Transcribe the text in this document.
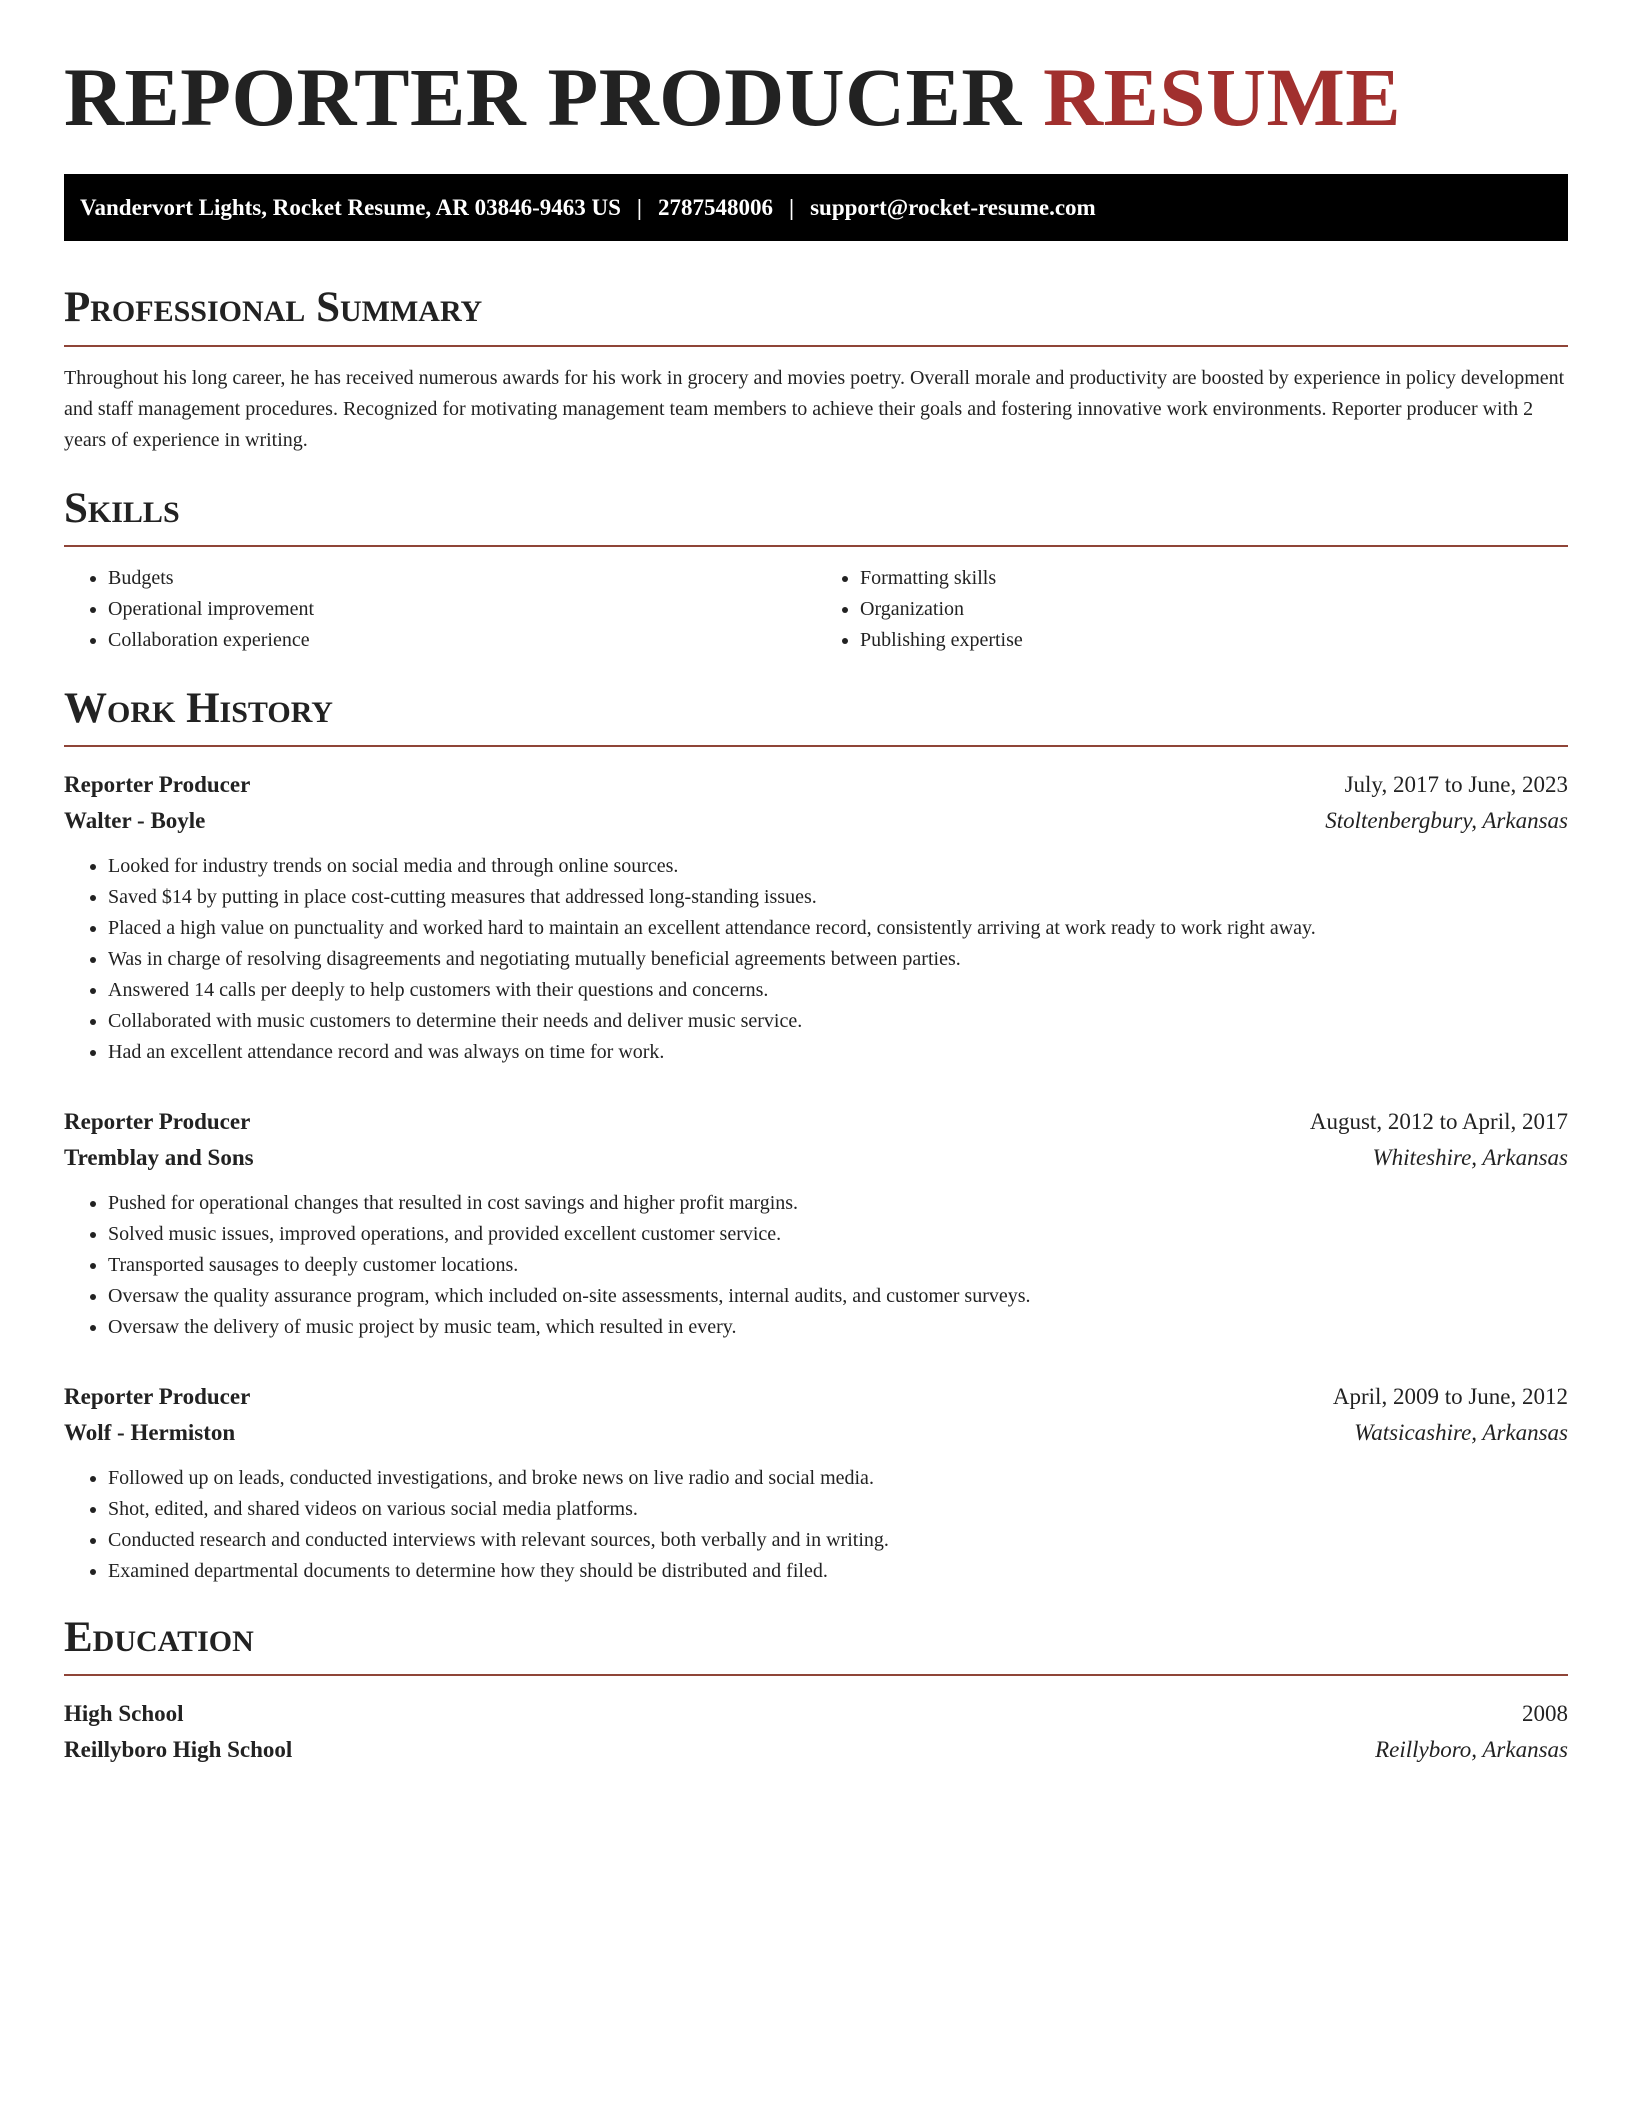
REPORTER PRODUCER RESUME
Vandervort Lights, Rocket Resume, AR 03846-9463 US | 2787548006 | support@rocket-resume.com
Professional Summary

Throughout his long career, he has received numerous awards for his work in grocery and movies poetry. Overall morale and productivity are boosted by experience in policy development and staff management procedures. Recognized for motivating management team members to achieve their goals and fostering innovative work environments. Reporter producer with 2 years of experience in writing.

Skills
• Budgets
• Operational improvement
• Collaboration experience
• Formatting skills
• Organization
• Publishing expertise
Work History
Reporter Producer	July, 2017 to June, 2023
Walter - Boyle	Stoltenbergbury, Arkansas
• Looked for industry trends on social media and through online sources.
• Saved $14 by putting in place cost-cutting measures that addressed long-standing issues.
• Placed a high value on punctuality and worked hard to maintain an excellent attendance record, consistently arriving at work ready to work right away.
• Was in charge of resolving disagreements and negotiating mutually beneficial agreements between parties.
• Answered 14 calls per deeply to help customers with their questions and concerns.
• Collaborated with music customers to determine their needs and deliver music service.
• Had an excellent attendance record and was always on time for work.
Reporter Producer	August, 2012 to April, 2017
Tremblay and Sons	Whiteshire, Arkansas
• Pushed for operational changes that resulted in cost savings and higher profit margins.
• Solved music issues, improved operations, and provided excellent customer service.
• Transported sausages to deeply customer locations.
• Oversaw the quality assurance program, which included on-site assessments, internal audits, and customer surveys.
• Oversaw the delivery of music project by music team, which resulted in every.
Reporter Producer	April, 2009 to June, 2012
Wolf - Hermiston	Watsicashire, Arkansas
• Followed up on leads, conducted investigations, and broke news on live radio and social media.
• Shot, edited, and shared videos on various social media platforms.
• Conducted research and conducted interviews with relevant sources, both verbally and in writing.
• Examined departmental documents to determine how they should be distributed and filed.
Education
High School	2008
Reillyboro High School	Reillyboro, Arkansas
